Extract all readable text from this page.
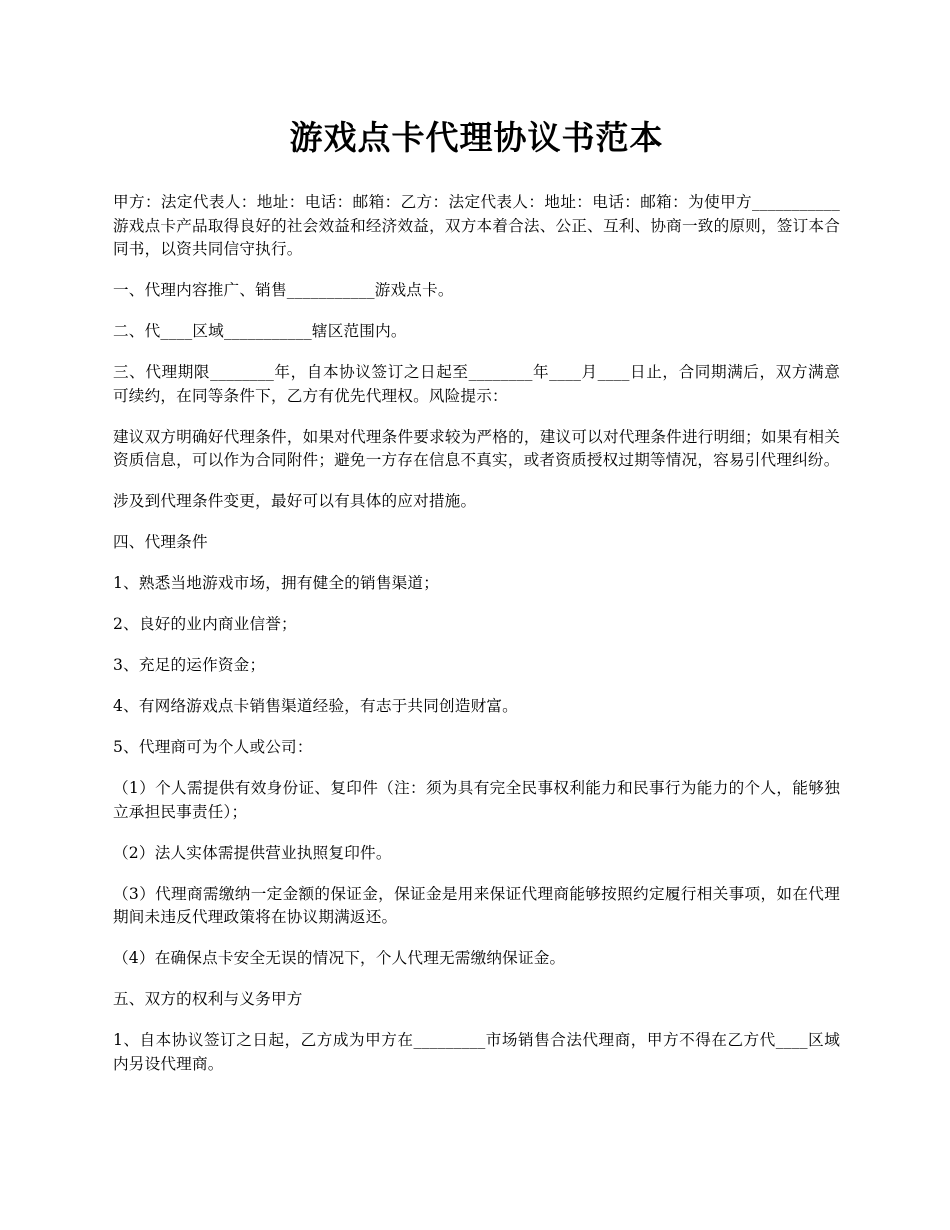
游戏点卡代理协议书范本

甲方：法定代表人：地址：电话：邮箱：乙方：法定代表人：地址：电话：邮箱：为使甲方___________游戏点卡产品取得良好的社会效益和经济效益，双方本着合法、公正、互利、协商一致的原则，签订本合同书，以资共同信守执行。

一、代理内容推广、销售___________游戏点卡。

二、代____区域___________辖区范围内。

三、代理期限________年，自本协议签订之日起至________年____月____日止，合同期满后，双方满意可续约，在同等条件下，乙方有优先代理权。风险提示：

建议双方明确好代理条件，如果对代理条件要求较为严格的，建议可以对代理条件进行明细；如果有相关资质信息，可以作为合同附件；避免一方存在信息不真实，或者资质授权过期等情况，容易引代理纠纷。

涉及到代理条件变更，最好可以有具体的应对措施。

四、代理条件

1、熟悉当地游戏市场，拥有健全的销售渠道；

2、良好的业内商业信誉；

3、充足的运作资金；

4、有网络游戏点卡销售渠道经验，有志于共同创造财富。

5、代理商可为个人或公司：

（1）个人需提供有效身份证、复印件（注：须为具有完全民事权利能力和民事行为能力的个人，能够独立承担民事责任）；

（2）法人实体需提供营业执照复印件。

（3）代理商需缴纳一定金额的保证金，保证金是用来保证代理商能够按照约定履行相关事项，如在代理期间未违反代理政策将在协议期满返还。

（4）在确保点卡安全无误的情况下，个人代理无需缴纳保证金。

五、双方的权利与义务甲方

1、自本协议签订之日起，乙方成为甲方在_________市场销售合法代理商，甲方不得在乙方代____区域内另设代理商。
